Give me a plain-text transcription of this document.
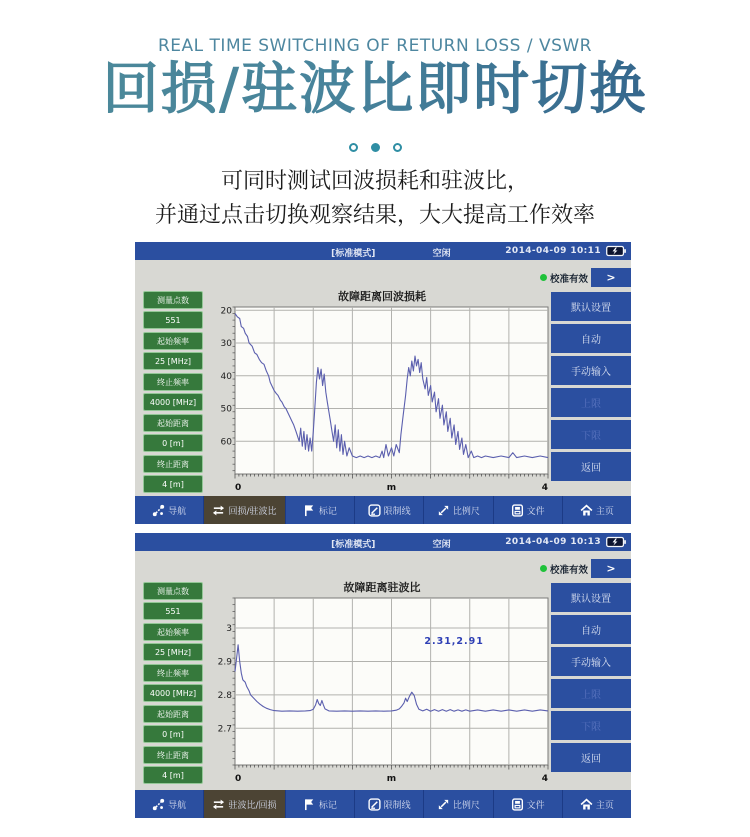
REAL TIME SWITCHING OF RETURN LOSS / VSWR
回损/驻波比即时切换
可同时测试回波损耗和驻波比，
并通过点击切换观察结果，大大提高工作效率
[标准模式]	空闲	2014-04-09 10:11
校准有效	>
测量点数
551
起始频率
25 [MHz]
终止频率
4000 [MHz]
起始距离
0 [m]
终止距离
4 [m]
故障距离回波损耗
20
30
40
50
60
0	m	4
默认设置
自动
手动输入
上限
下限
返回
导航	回损/驻波比	标记	限制线	比例尺	文件	主页
[标准模式]	空闲	2014-04-09 10:13
校准有效	>
测量点数
551
起始频率
25 [MHz]
终止频率
4000 [MHz]
起始距离
0 [m]
终止距离
4 [m]
故障距离驻波比
3
2.9
2.8
2.7
0	m	4
2.31,2.91
默认设置
自动
手动输入
上限
下限
返回
导航	驻波比/回损	标记	限制线	比例尺	文件	主页
